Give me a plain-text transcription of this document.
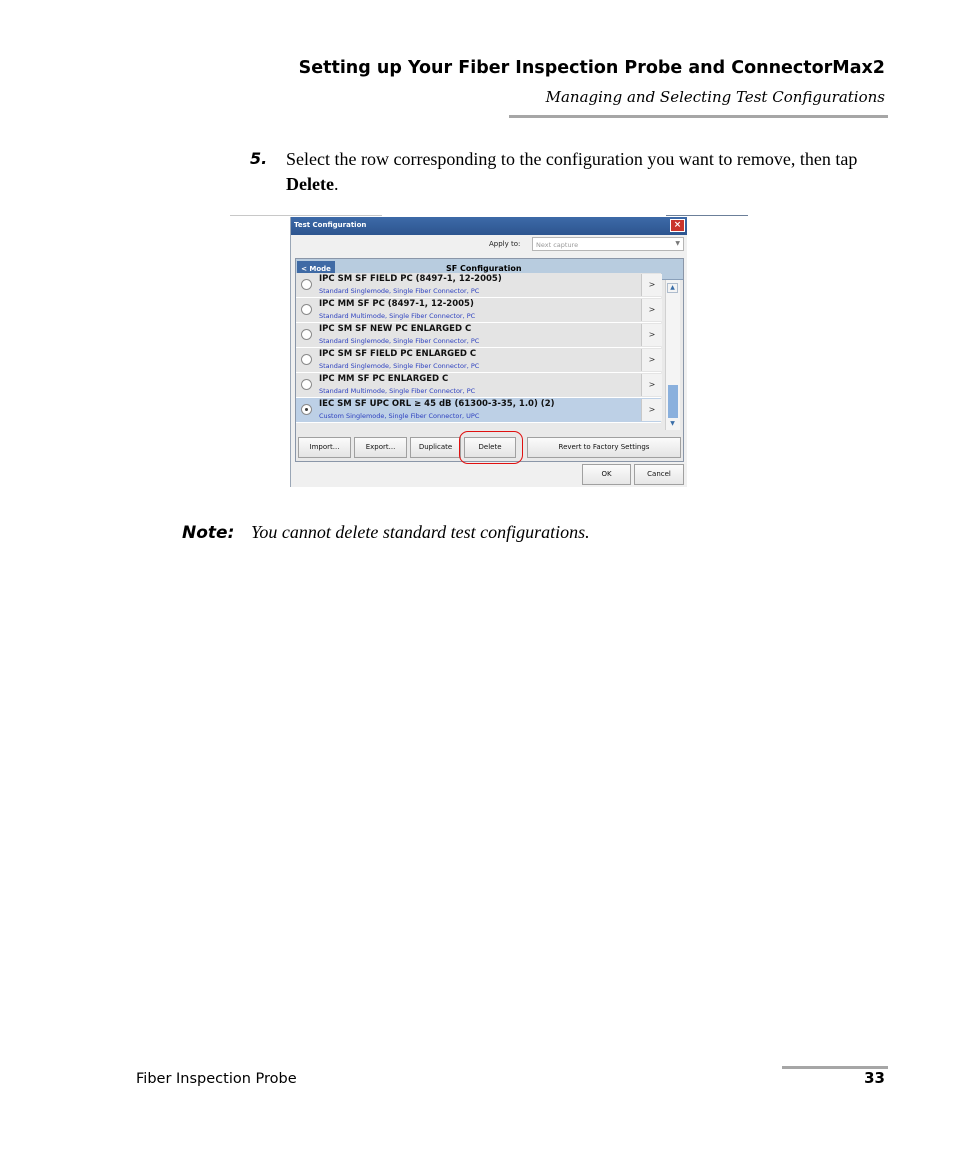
Setting up Your Fiber Inspection Probe and ConnectorMax2
Managing and Selecting Test Configurations
5. Select the row corresponding to the configuration you want to remove, then tap Delete.
Test Configuration	×
Apply to: Next capture	▼
< Mode	SF Configuration
IPC SM SF FIELD PC (8497-1, 12-2005)
Standard Singlemode, Single Fiber Connector, PC
>
IPC MM SF PC (8497-1, 12-2005)
Standard Multimode, Single Fiber Connector, PC
>
IPC SM SF NEW PC ENLARGED C
Standard Singlemode, Single Fiber Connector, PC
>
IPC SM SF FIELD PC ENLARGED C
Standard Singlemode, Single Fiber Connector, PC
>
IPC MM SF PC ENLARGED C
Standard Multimode, Single Fiber Connector, PC
>
IEC SM SF UPC ORL ≥ 45 dB (61300-3-35, 1.0) (2)
Custom Singlemode, Single Fiber Connector, UPC
>
▲
▼
Import...	Export...	Duplicate	Delete	Revert to Factory Settings
OK	Cancel
Note: You cannot delete standard test configurations.
Fiber Inspection Probe	33
